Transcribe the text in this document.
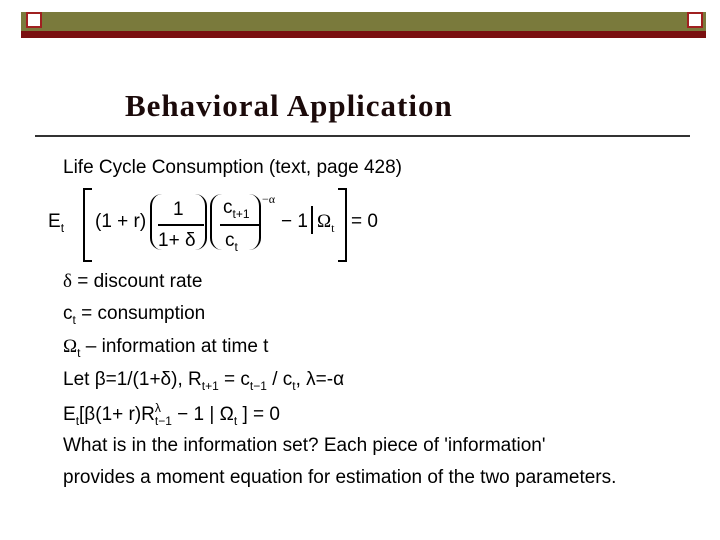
Behavioral Application
Life Cycle Consumption (text, page 428)
$E_t$ (1 + r)
1
1+ δ
$c_{t+1}$
$c_t$
−α
− 1 $\Omega_t = 0$
δ = discount rate
$c_t$ = consumption
$\Omega_t$ – information at time t
Let β=1/(1+δ), $R_{t+1} = c_{t-1} / c_t$, λ=-α
$E_t[\beta(1+ r)R^\lambda_{t-1} - 1$ | $\Omega_t$ ] = 0
What is in the information set? Each piece of 'information'
provides a moment equation for estimation of the two parameters.
